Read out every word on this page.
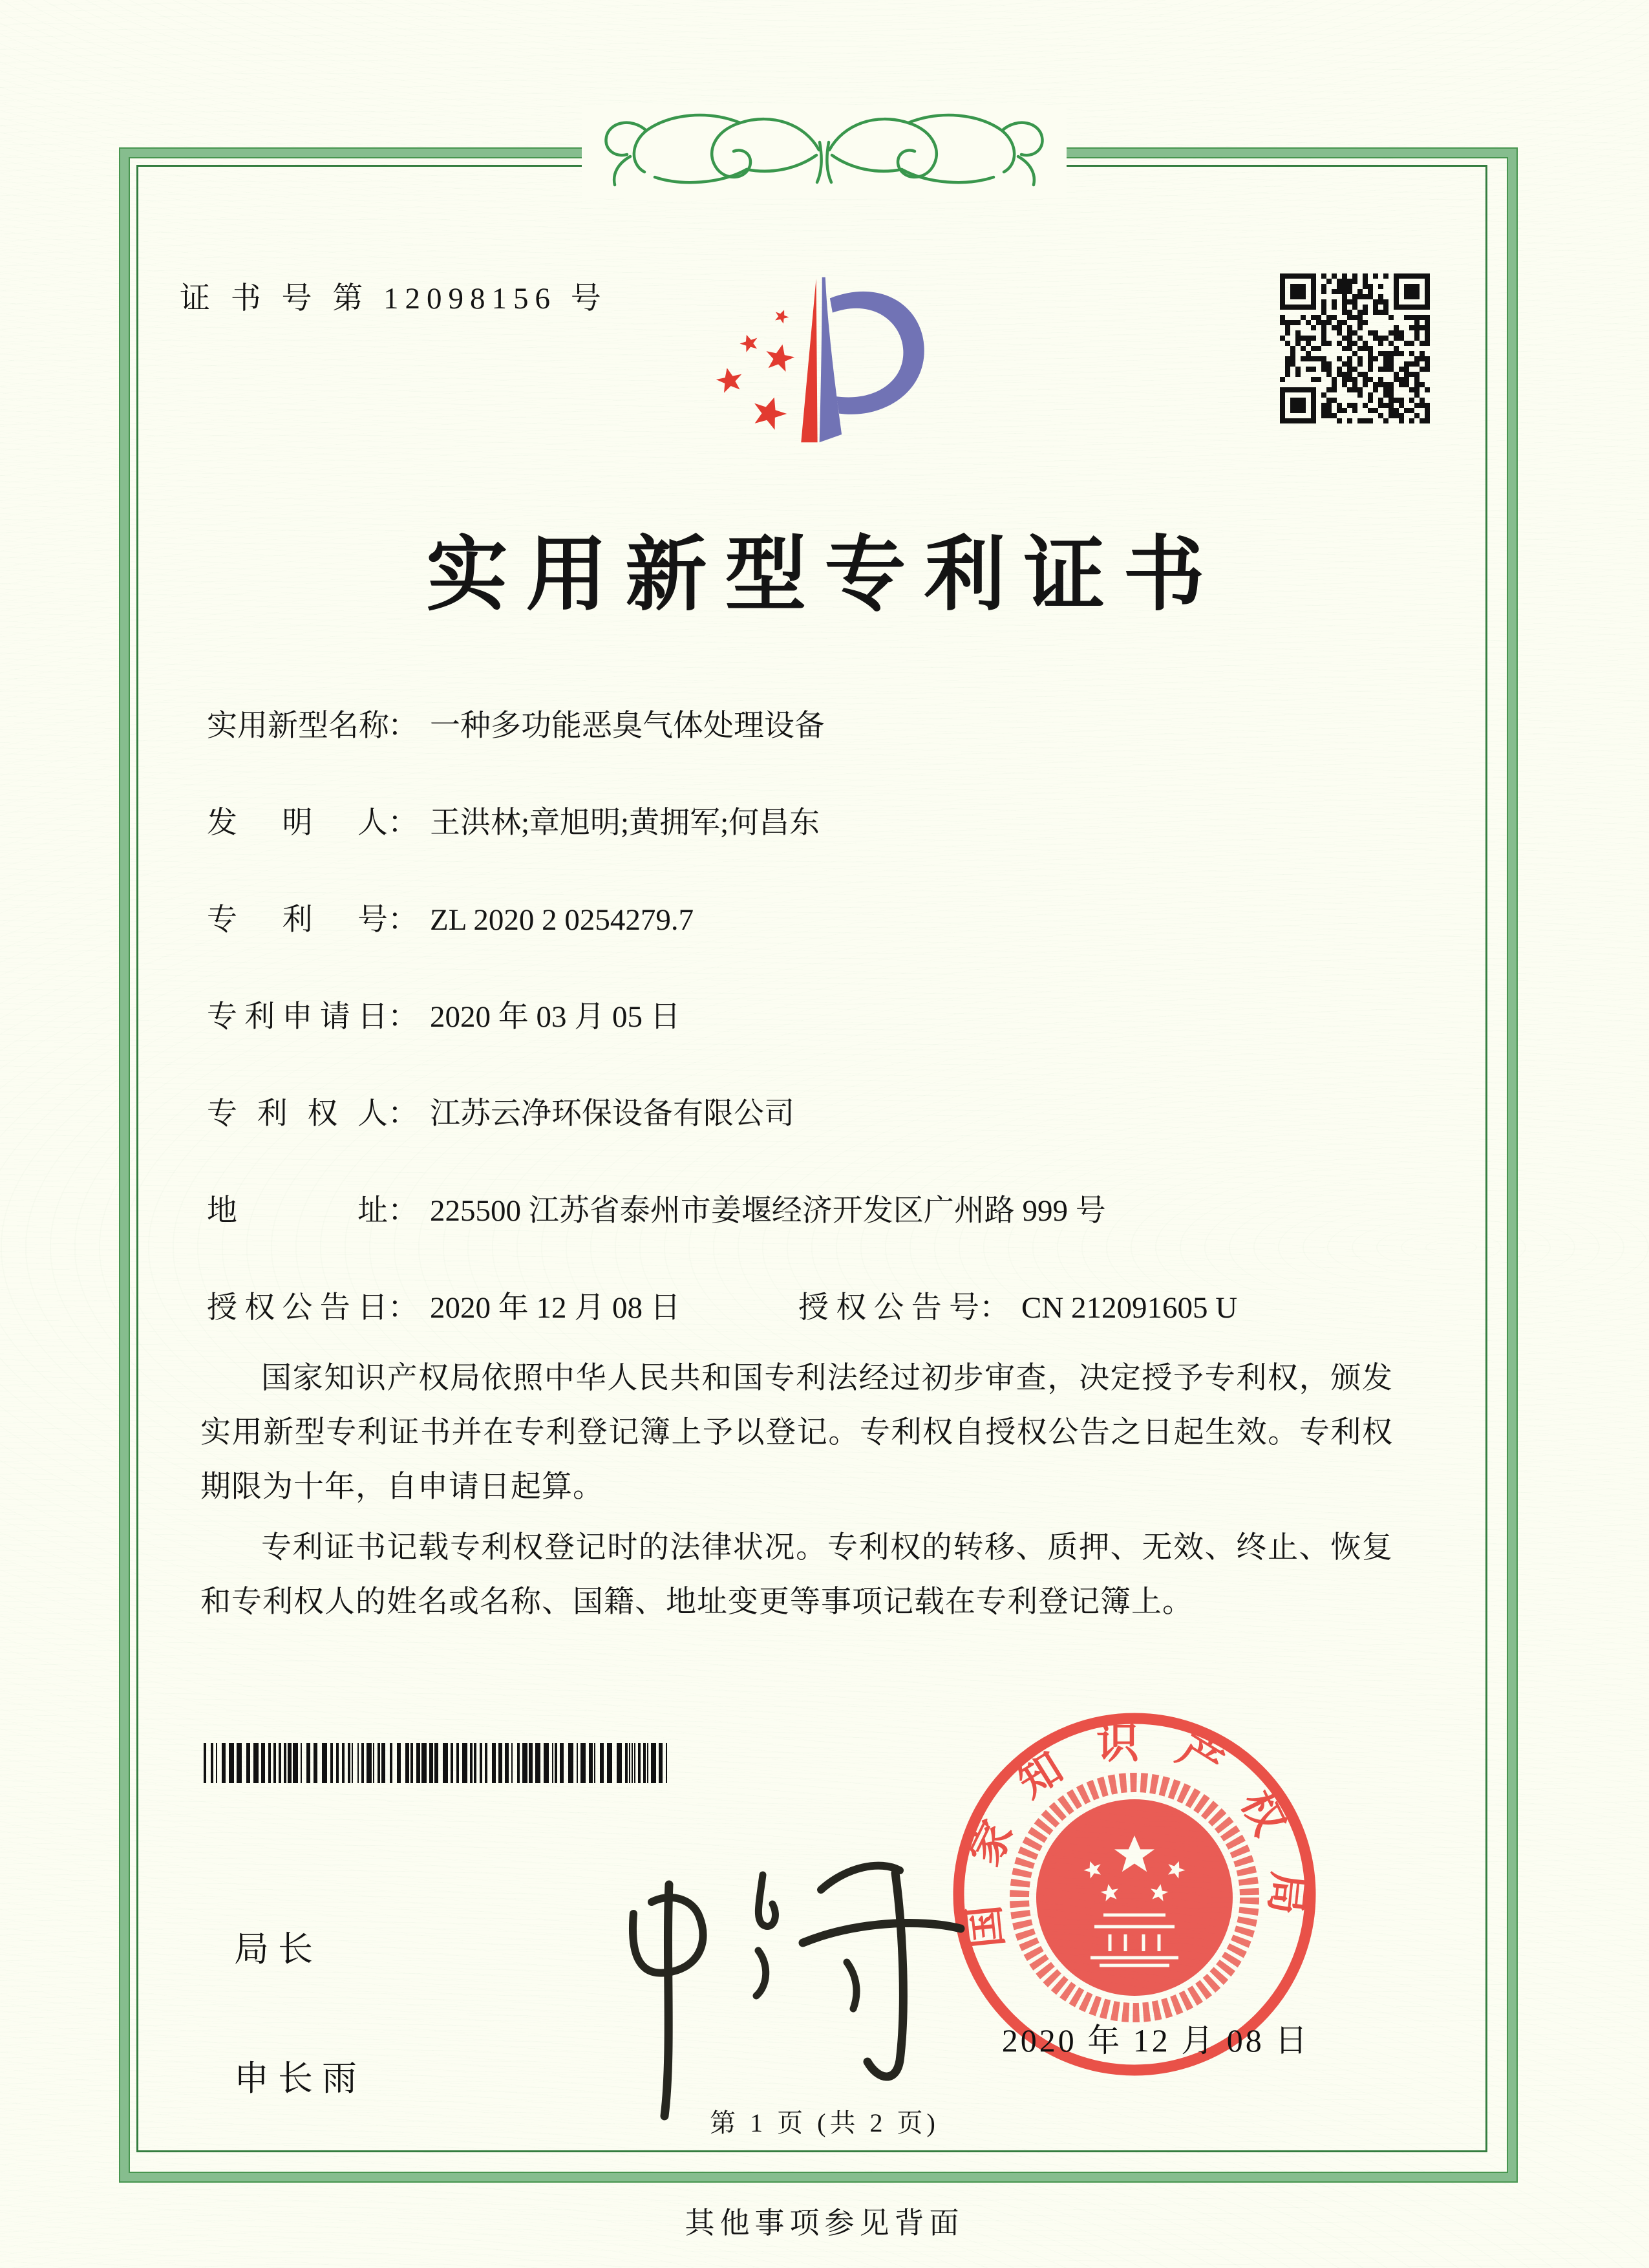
证 书 号 第 12098156 号
实用新型专利证书
实用新型名称： 一种多功能恶臭气体处理设备
发明人： 王洪林;章旭明;黄拥军;何昌东
专利号： ZL 2020 2 0254279.7
专利申请日： 2020 年 03 月 05 日
专利权人： 江苏云净环保设备有限公司
地址： 225500 江苏省泰州市姜堰经济开发区广州路 999 号
授权公告日： 2020 年 12 月 08 日	授权公告号： CN 212091605 U

国家知识产权局依照中华人民共和国专利法经过初步审查，决定授予专利权，颁发实用新型专利证书并在专利登记簿上予以登记。专利权自授权公告之日起生效。专利权期限为十年，自申请日起算。

专利证书记载专利权登记时的法律状况。专利权的转移、质押、无效、终止、恢复和专利权人的姓名或名称、国籍、地址变更等事项记载在专利登记簿上。

局长
申长雨
国家知识产权局
2020 年 12 月 08 日
第 1 页 (共 2 页)
其他事项参见背面
